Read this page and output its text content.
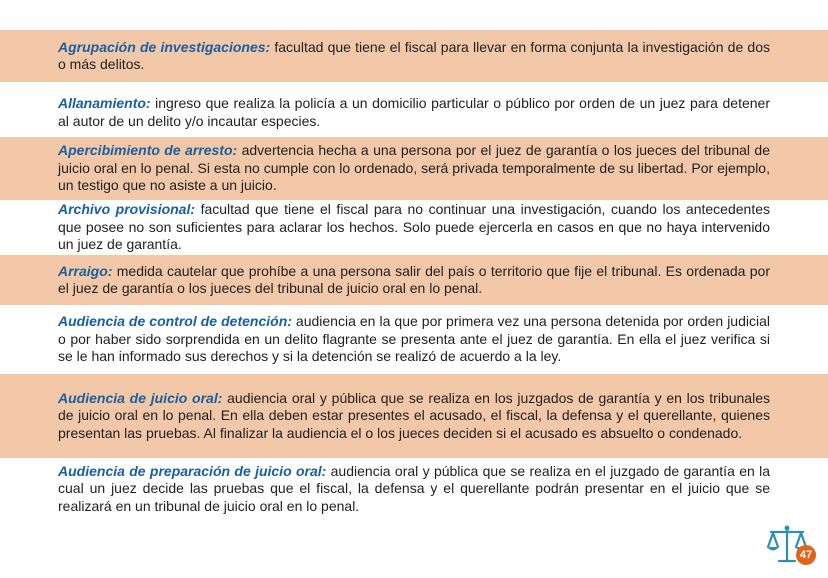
Agrupación de investigaciones: facultad que tiene el fiscal para llevar en forma conjunta la investigación de dos o más delitos.
Allanamiento: ingreso que realiza la policía a un domicilio particular o público por orden de un juez para detener al autor de un delito y/o incautar especies.
Apercibimiento de arresto: advertencia hecha a una persona por el juez de garantía o los jueces del tribunal de juicio oral en lo penal. Si esta no cumple con lo ordenado, será privada temporalmente de su libertad. Por ejemplo, un testigo que no asiste a un juicio.
Archivo provisional: facultad que tiene el fiscal para no continuar una investigación, cuando los antecedentes que posee no son suficientes para aclarar los hechos. Solo puede ejercerla en casos en que no haya intervenido un juez de garantía.
Arraigo: medida cautelar que prohíbe a una persona salir del país o territorio que fije el tribunal. Es ordenada por el juez de garantía o los jueces del tribunal de juicio oral en lo penal.
Audiencia de control de detención: audiencia en la que por primera vez una persona detenida por orden judicial o por haber sido sorprendida en un delito flagrante se presenta ante el juez de garantía. En ella el juez verifica si se le han informado sus derechos y si la detención se realizó de acuerdo a la ley.
Audiencia de juicio oral: audiencia oral y pública que se realiza en los juzgados de garantía y en los tribunales de juicio oral en lo penal. En ella deben estar presentes el acusado, el fiscal, la defensa y el querellante, quienes presentan las pruebas. Al finalizar la audiencia el o los jueces deciden si el acusado es absuelto o condenado.
Audiencia de preparación de juicio oral: audiencia oral y pública que se realiza en el juzgado de garantía en la cual un juez decide las pruebas que el fiscal, la defensa y el querellante podrán presentar en el juicio que se realizará en un tribunal de juicio oral en lo penal.
47
